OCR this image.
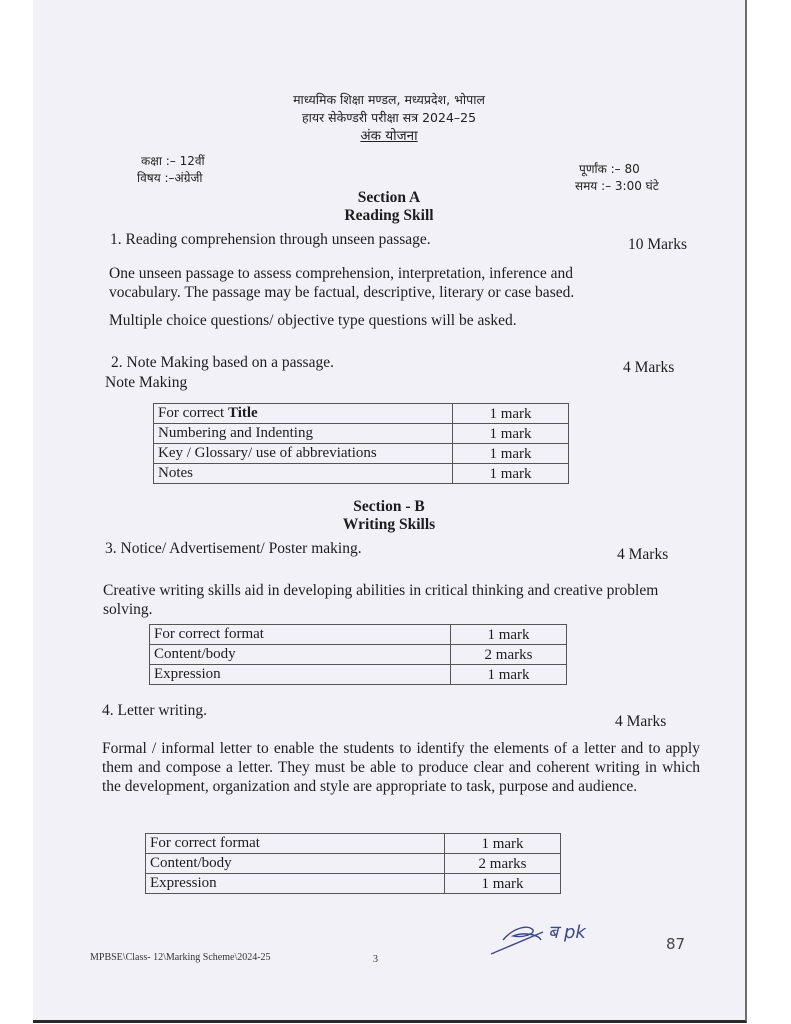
माध्यमिक शिक्षा मण्डल, मध्यप्रदेश, भोपाल
हायर सेकेण्डरी परीक्षा सत्र 2024–25
अंक योजना
कक्षा :– 12वीं
विषय :–अंग्रेजी
पूर्णांक :– 80
समय :– 3:00 घंटे
Section A
Reading Skill
1. Reading comprehension through unseen passage.	10 Marks
One unseen passage to assess comprehension, interpretation, inference and vocabulary. The passage may be factual, descriptive, literary or case based.
Multiple choice questions/ objective type questions will be asked.
2. Note Making based on a passage.	4 Marks
Note Making
For correct Title	1 mark
Numbering and Indenting	1 mark
Key / Glossary/ use of abbreviations	1 mark
Notes	1 mark
Section - B
Writing Skills
3. Notice/ Advertisement/ Poster making.	4 Marks
Creative writing skills aid in developing abilities in critical thinking and creative problem solving.
For correct format	1 mark
Content/body	2 marks
Expression	1 mark
4. Letter writing.
4 Marks
Formal / informal letter to enable the students to identify the elements of a letter and to apply them and compose a letter. They must be able to produce clear and coherent writing in which the development, organization and style are appropriate to task, purpose and audience.
For correct format	1 mark
Content/body	2 marks
Expression	1 mark
MPBSE\Class- 12\Marking Scheme\2024-25	3
ब pk
87
